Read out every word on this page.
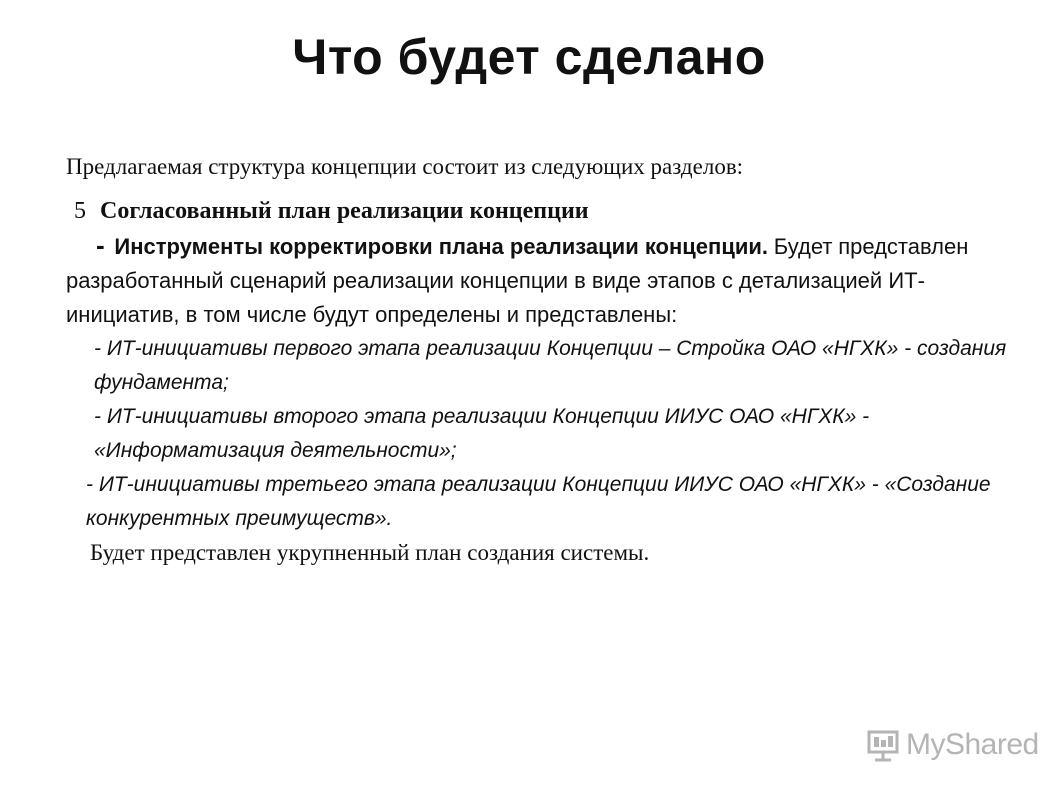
Что будет сделано

Предлагаемая структура концепции состоит из следующих разделов:

5 Согласованный план реализации концепции

- Инструменты корректировки плана реализации концепции. Будет представлен разработанный сценарий реализации концепции в виде этапов с детализацией ИТ-инициатив, в том числе будут определены и представлены:

- ИТ-инициативы первого этапа реализации Концепции – Стройка ОАО «НГХК» - создания фундамента;

- ИТ-инициативы второго этапа реализации Концепции ИИУС ОАО «НГХК» - «Информатизация деятельности»;

- ИТ-инициативы третьего этапа реализации Концепции ИИУС ОАО «НГХК» - «Создание конкурентных преимуществ».

Будет представлен укрупненный план создания системы.

MyShared
